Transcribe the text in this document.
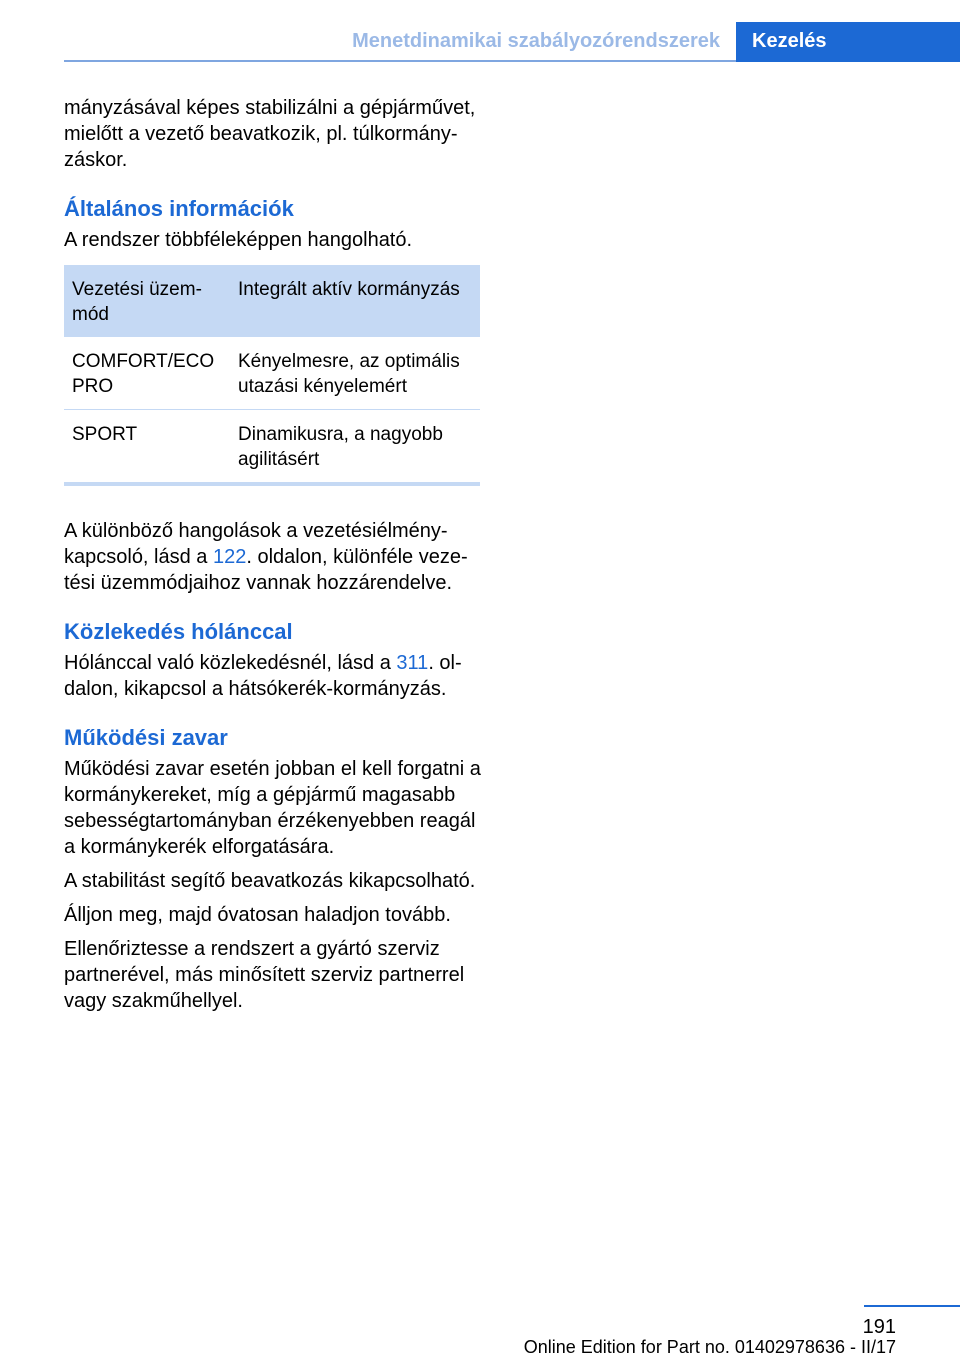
Menetdinamikai szabályozórendszerek	Kezelés

mányzásával képes stabilizálni a gépjárművet, mielőtt a vezető beavatkozik, pl. túlkormányzáskor.

Általános információk

A rendszer többféleképpen hangolható.

Vezetési üzemmód	Integrált aktív kormányzás
COMFORT/ECO PRO	Kényelmesre, az optimális utazási kényelemért
SPORT	Dinamikusra, a nagyobb agilitásért

A különböző hangolások a vezetésiélménykapcsoló, lásd a 122. oldalon, különféle vezetési üzemmódjaihoz vannak hozzárendelve.

Közlekedés hólánccal

Hólánccal való közlekedésnél, lásd a 311. oldalon, kikapcsol a hátsókerék-kormányzás.

Működési zavar

Működési zavar esetén jobban el kell forgatni a kormánykereket, míg a gépjármű magasabb sebességtartományban érzékenyebben reagál a kormánykerék elforgatására.

A stabilitást segítő beavatkozás kikapcsolható.

Álljon meg, majd óvatosan haladjon tovább.

Ellenőriztesse a rendszert a gyártó szerviz partnerével, más minősített szerviz partnerrel vagy szakműhellyel.

191
Online Edition for Part no. 01402978636 - II/17
